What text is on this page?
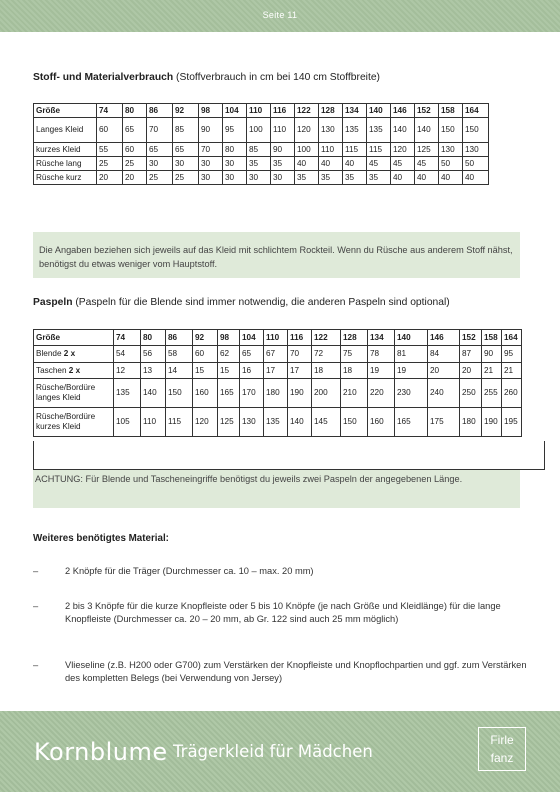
Seite 11
Stoff- und Materialverbrauch (Stoffverbrauch in cm bei 140 cm Stoffbreite)
Größe	74	80	86	92	98	104	110	116	122	128	134	140	146	152	158	164
Langes Kleid	60	65	70	85	90	95	100	110	120	130	135	135	140	140	150	150
kurzes Kleid	55	60	65	65	70	80	85	90	100	110	115	115	120	125	130	130
Rüsche lang	25	25	30	30	30	30	35	35	40	40	40	45	45	45	50	50
Rüsche kurz	20	20	25	25	30	30	30	30	35	35	35	35	40	40	40	40
Die Angaben beziehen sich jeweils auf das Kleid mit schlichtem Rockteil. Wenn du Rüsche aus anderem Stoff nähst, benötigst du etwas weniger vom Hauptstoff.
Paspeln (Paspeln für die Blende sind immer notwendig, die anderen Paspeln sind optional)
Größe	74	80	86	92	98	104	110	116	122	128	134	140	146	152	158	164
Blende 2 x	54	56	58	60	62	65	67	70	72	75	78	81	84	87	90	95
Taschen 2 x	12	13	14	15	15	16	17	17	18	18	19	19	20	20	21	21
Rüsche/Bordüre langes Kleid	135	140	150	160	165	170	180	190	200	210	220	230	240	250	255	260
Rüsche/Bordüre kurzes Kleid	105	110	115	120	125	130	135	140	145	150	160	165	175	180	190	195
ACHTUNG: Für Blende und Tascheneingriffe benötigst du jeweils zwei Paspeln der angegebenen Länge.
Weiteres benötigtes Material:
–	2 Knöpfe für die Träger (Durchmesser ca. 10 – max. 20 mm)
–	2 bis 3 Knöpfe für die kurze Knopfleiste oder 5 bis 10 Knöpfe (je nach Größe und Kleidlänge) für die lange Knopfleiste (Durchmesser ca. 20 – 20 mm, ab Gr. 122 sind auch 25 mm möglich)
–	Vlieseline (z.B. H200 oder G700) zum Verstärken der Knopfleiste und Knopflochpartien und ggf. zum Verstärken des kompletten Belegs (bei Verwendung von Jersey)
Kornblume Trägerkleid für Mädchen
Firle
fanz
